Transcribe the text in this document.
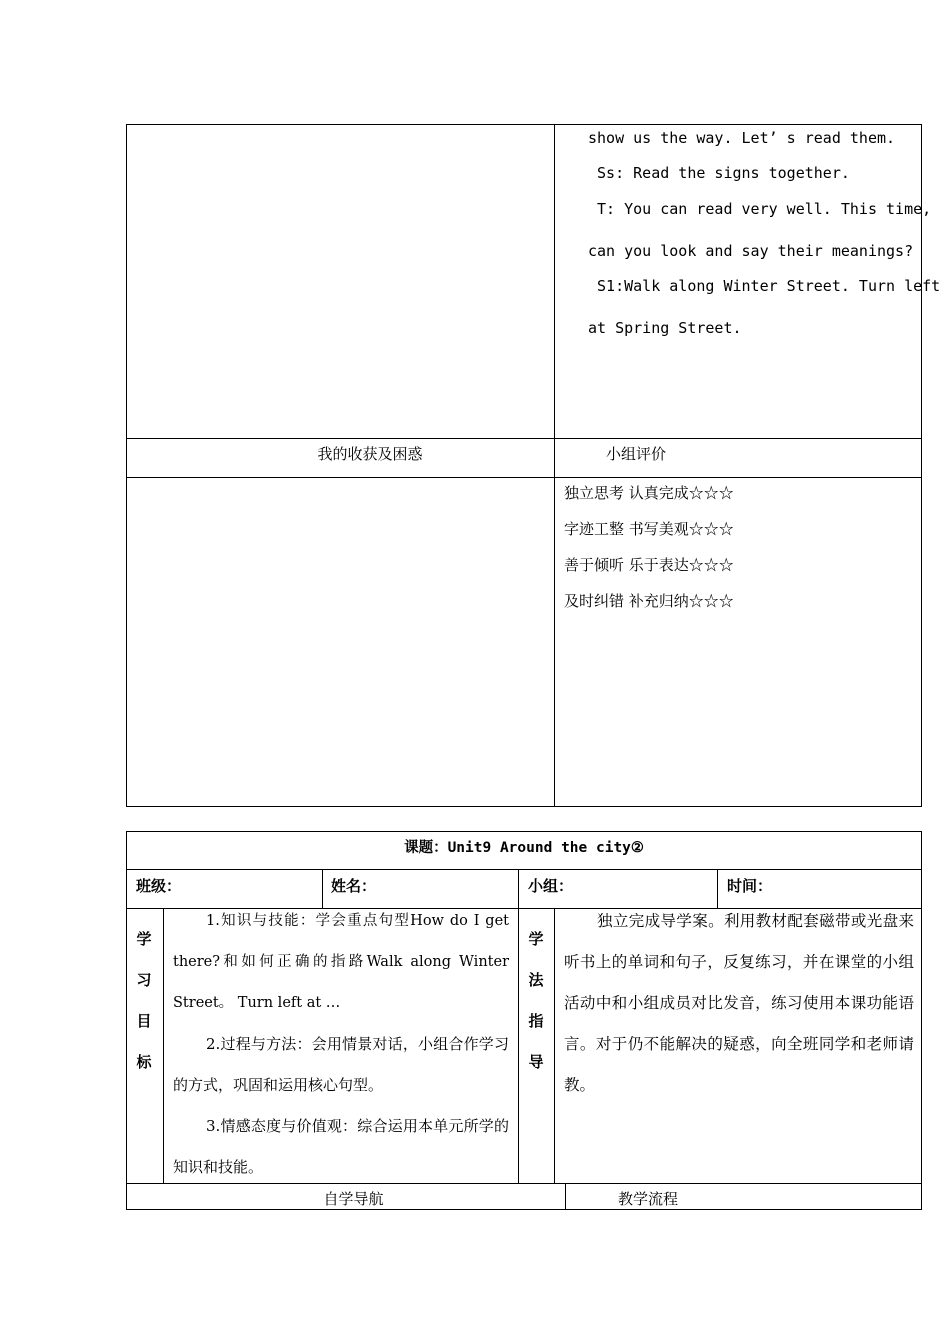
show us the way. Let’ s read them.
Ss: Read the signs together.
T: You can read very well. This time,
can you look and say their meanings?
S1:Walk along Winter Street. Turn left
at Spring Street.
我的收获及困惑	小组评价
独立思考 认真完成☆☆☆
字迹工整 书写美观☆☆☆
善于倾听 乐于表达☆☆☆
及时纠错 补充归纳☆☆☆
课题：Unit9 Around the city②
班级：	姓名：	小组：	时间：
学
习
目
标
1.知识与技能：学会重点句型How do I get there?和如何正确的指路Walk along Winter Street。 Turn left at …
2.过程与方法：会用情景对话，小组合作学习的方式，巩固和运用核心句型。
3.情感态度与价值观：综合运用本单元所学的知识和技能。
学
法
指
导
独立完成导学案。利用教材配套磁带或光盘来听书上的单词和句子，反复练习，并在课堂的小组活动中和小组成员对比发音，练习使用本课功能语言。对于仍不能解决的疑惑，向全班同学和老师请教。
自学导航	教学流程
